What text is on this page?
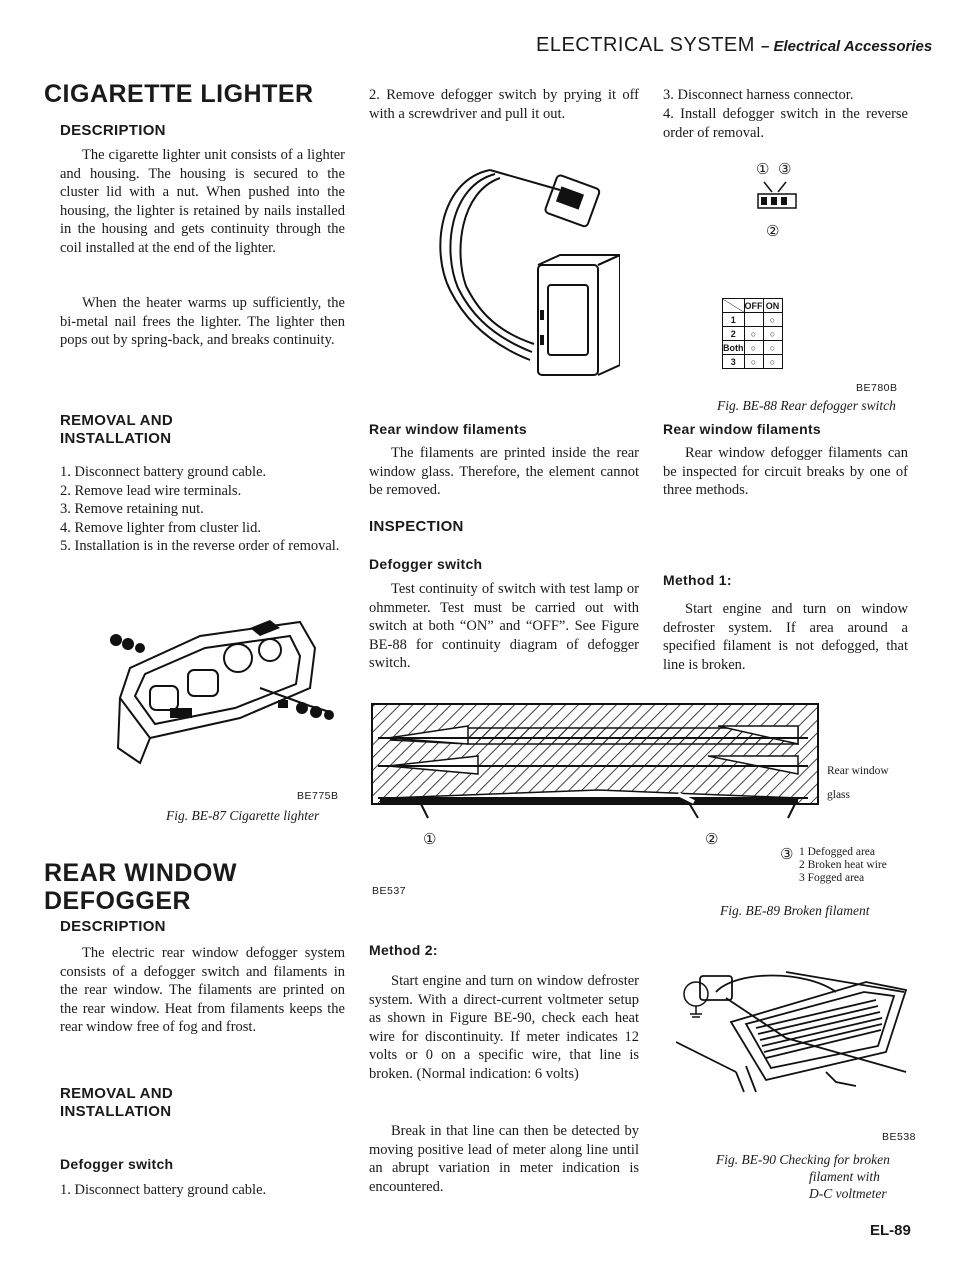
ELECTRICAL SYSTEM – Electrical Accessories
CIGARETTE LIGHTER
DESCRIPTION
The cigarette lighter unit consists of a lighter and housing. The housing is secured to the cluster lid with a nut. When pushed into the housing, the lighter is retained by nails installed in the housing and gets continuity through the coil installed at the end of the lighter.
When the heater warms up sufficiently, the bi-metal nail frees the lighter. The lighter then pops out by spring-back, and breaks continuity.
REMOVAL AND
INSTALLATION
1. Disconnect battery ground cable.
2. Remove lead wire terminals.
3. Remove retaining nut.
4. Remove lighter from cluster lid.
5. Installation is in the reverse order of removal.
BE775B
Fig. BE-87 Cigarette lighter
REAR WINDOW
DEFOGGER
DESCRIPTION
The electric rear window defogger system consists of a defogger switch and filaments in the rear window. The filaments are printed on the rear window. Heat from filaments keeps the rear window free of fog and frost.
REMOVAL AND
INSTALLATION
Defogger switch
1. Disconnect battery ground cable.
2. Remove defogger switch by prying it off with a screwdriver and pull it out.
Rear window filaments
The filaments are printed inside the rear window glass. Therefore, the element cannot be removed.
INSPECTION
Defogger switch
Test continuity of switch with test lamp or ohmmeter. Test must be carried out with switch at both “ON” and “OFF”. See Figure BE-88 for continuity diagram of defogger switch.
Method 2:
Start engine and turn on window defroster system. With a direct-current voltmeter setup as shown in Figure BE-90, check each heat wire for discontinuity. If meter indicates 12 volts or 0 on a specific wire, that line is broken. (Normal indication: 6 volts)
Break in that line can then be detected by moving positive lead of meter along line until an abrupt variation in meter indication is encountered.
3. Disconnect harness connector.
4. Install defogger switch in the reverse order of removal.
① ③
②
	OFF	ON
1		○
2	○	○
Both	○	○
3	○	○
BE780B
Fig. BE-88 Rear defogger switch
Rear window filaments
Rear window defogger filaments can be inspected for circuit breaks by one of three methods.
Method 1:
Start engine and turn on window defroster system. If area around a specified filament is not defogged, that line is broken.
①	②
③
Rear window
glass
1 Defogged area
2 Broken heat wire
3 Fogged area
BE537
Fig. BE-89 Broken filament
BE538
Fig. BE-90 Checking for broken
filament with
D-C voltmeter
EL-89
